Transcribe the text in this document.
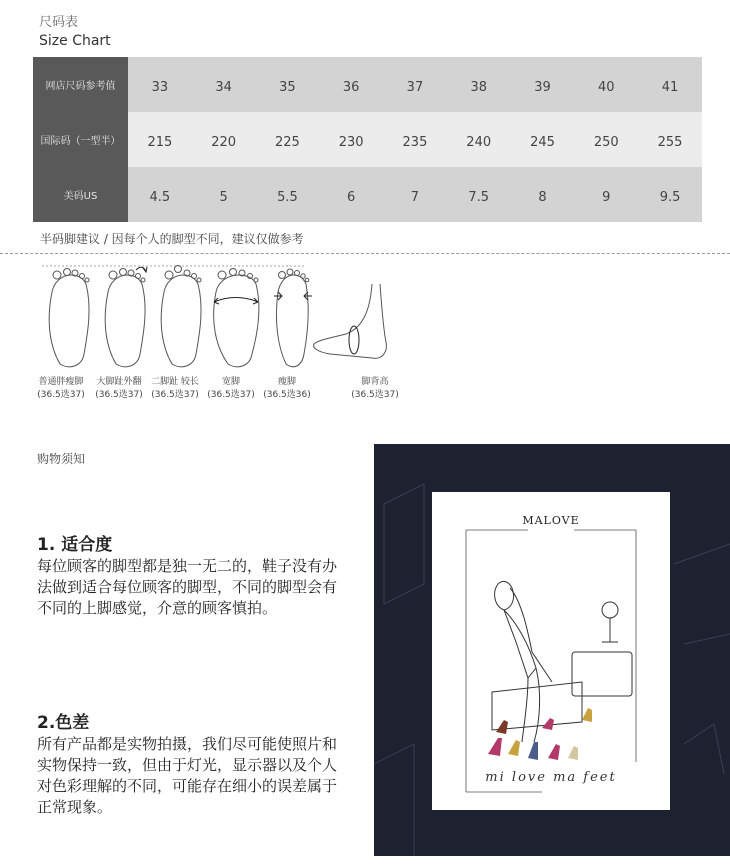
尺码表
Size Chart
网店尺码参考值	33	34	35	36	37	38	39	40	41
国际码（一型半）	215	220	225	230	235	240	245	250	255
美码US	4.5	5	5.5	6	7	7.5	8	9	9.5
半码脚建议 / 因每个人的脚型不同，建议仅做参考
普通胖瘦脚
(36.5选37)
大脚趾外翻
(36.5选37)
二脚趾 较长
(36.5选37)
宽脚
(36.5选37)
瘦脚
(36.5选36)
脚背高
(36.5选37)
购物须知
1. 适合度
每位顾客的脚型都是独一无二的，鞋子没有办法做到适合每位顾客的脚型，不同的脚型会有不同的上脚感觉，介意的顾客慎拍。
2.色差
所有产品都是实物拍摄，我们尽可能使照片和实物保持一致，但由于灯光，显示器以及个人对色彩理解的不同，可能存在细小的误差属于正常现象。
MALOVE
mi love ma feet
